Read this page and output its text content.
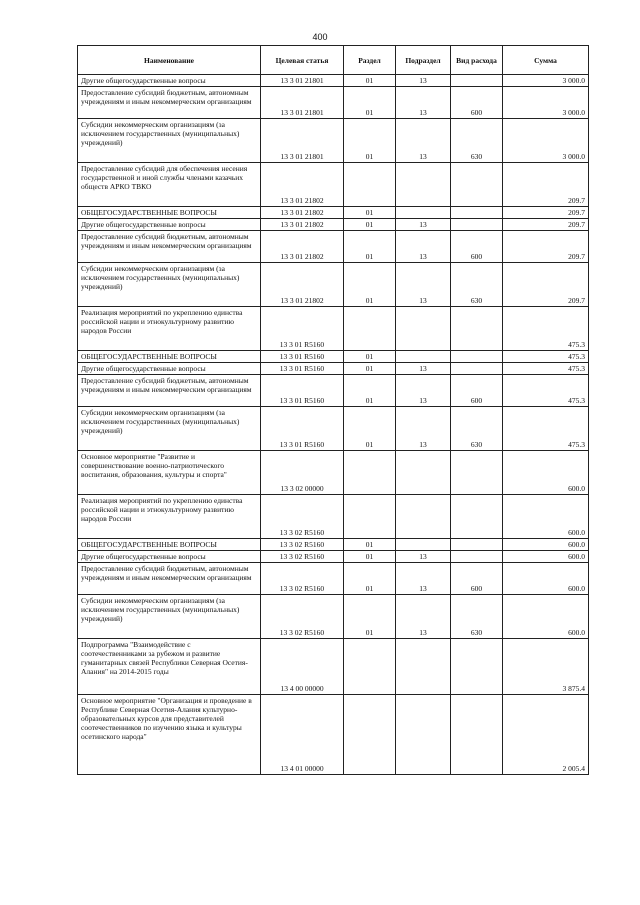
400
Наименование	Целевая статья	Раздел	Подраздел	Вид расхода	Сумма
Другие общегосударственные вопросы	13 3 01 21801	01	13		3 000.0
Предоставление субсидий бюджетным, автономным учреждениям и иным некоммерческим организациям	13 3 01 21801	01	13	600	3 000.0
Субсидии некоммерческим организациям (за исключением государственных (муниципальных) учреждений)	13 3 01 21801	01	13	630	3 000.0
Предоставление субсидий для обеспечения несения государственной и иной службы членами казачьих обществ АРКО ТВКО	13 3 01 21802				209.7
ОБЩЕГОСУДАРСТВЕННЫЕ ВОПРОСЫ	13 3 01 21802	01			209.7
Другие общегосударственные вопросы	13 3 01 21802	01	13		209.7
Предоставление субсидий бюджетным, автономным учреждениям и иным некоммерческим организациям	13 3 01 21802	01	13	600	209.7
Субсидии некоммерческим организациям (за исключением государственных (муниципальных) учреждений)	13 3 01 21802	01	13	630	209.7
Реализация мероприятий по укреплению единства российской нации и этнокультурному развитию народов России	13 3 01 R5160				475.3
ОБЩЕГОСУДАРСТВЕННЫЕ ВОПРОСЫ	13 3 01 R5160	01			475.3
Другие общегосударственные вопросы	13 3 01 R5160	01	13		475.3
Предоставление субсидий бюджетным, автономным учреждениям и иным некоммерческим организациям	13 3 01 R5160	01	13	600	475.3
Субсидии некоммерческим организациям (за исключением государственных (муниципальных) учреждений)	13 3 01 R5160	01	13	630	475.3
Основное мероприятие "Развитие и совершенствование военно-патриотического воспитания, образования, культуры и спорта"	13 3 02 00000				600.0
Реализация мероприятий по укреплению единства российской нации и этнокультурному развитию народов России	13 3 02 R5160				600.0
ОБЩЕГОСУДАРСТВЕННЫЕ ВОПРОСЫ	13 3 02 R5160	01			600.0
Другие общегосударственные вопросы	13 3 02 R5160	01	13		600.0
Предоставление субсидий бюджетным, автономным учреждениям и иным некоммерческим организациям	13 3 02 R5160	01	13	600	600.0
Субсидии некоммерческим организациям (за исключением государственных (муниципальных) учреждений)	13 3 02 R5160	01	13	630	600.0
Подпрограмма "Взаимодействие с соотечественниками за рубежом и развитие гуманитарных связей Республики Северная Осетия-Алания" на 2014-2015 годы	13 4 00 00000				3 875.4
Основное мероприятие "Организация и проведение в Республике Северная Осетия-Алания культурно-образовательных курсов для представителей соотечественников по изучению языка и культуры осетинского народа"	13 4 01 00000				2 005.4
